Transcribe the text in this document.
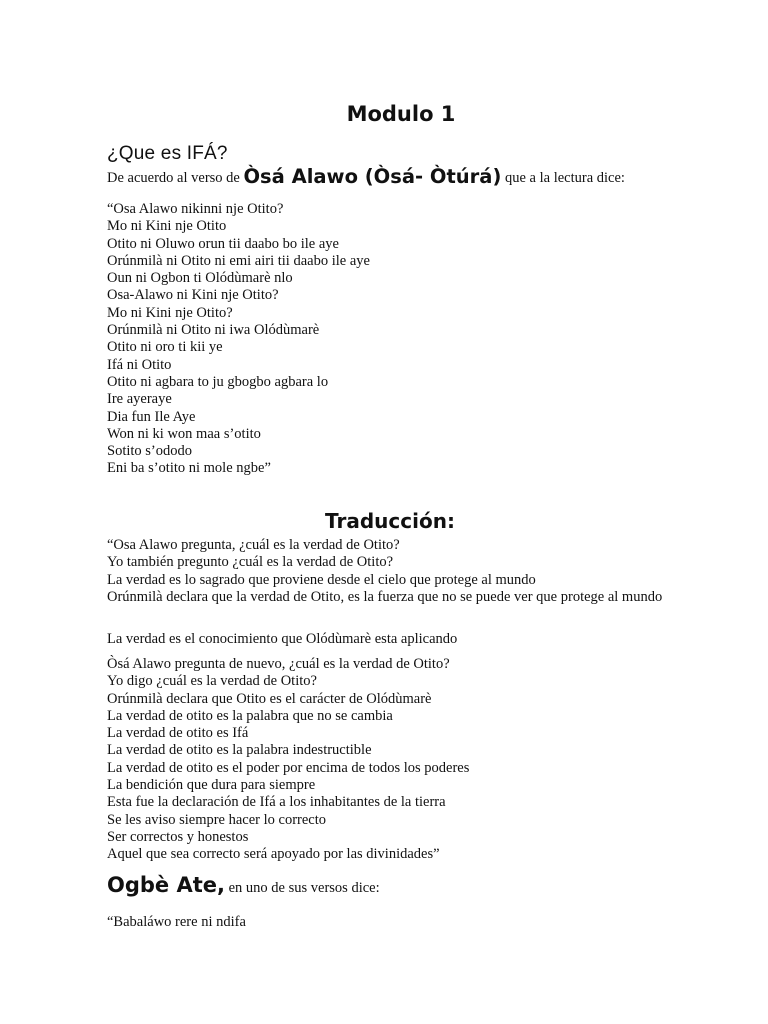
Modulo 1
¿Que es IFÁ?
De acuerdo al verso de Òsá Alawo (Òsá- Òtúrá) que a la lectura dice:
“Osa Alawo nikinni nje Otito?
Mo ni Kini nje Otito
Otito ni Oluwo orun tii daabo bo ile aye
Orúnmilà ni Otito ni emi airi tii daabo ile aye
Oun ni Ogbon ti Olódùmarè nlo
Osa-Alawo ni Kini nje Otito?
Mo ni Kini nje Otito?
Orúnmilà ni Otito ni iwa Olódùmarè
Otito ni oro ti kii ye
Ifá ni Otito
Otito ni agbara to ju gbogbo agbara lo
Ire ayeraye
Dia fun Ile Aye
Won ni ki won maa s’otito
Sotito s’ododo
Eni ba s’otito ni mole ngbe”
Traducción:
“Osa Alawo pregunta, ¿cuál es la verdad de Otito?
Yo también pregunto ¿cuál es la verdad de Otito?
La verdad es lo sagrado que proviene desde el cielo que protege al mundo
Orúnmilà declara que la verdad de Otito, es la fuerza que no se puede ver que protege al mundo
La verdad es el conocimiento que Olódùmarè esta aplicando
Òsá Alawo pregunta de nuevo, ¿cuál es la verdad de Otito?
Yo digo ¿cuál es la verdad de Otito?
Orúnmilà declara que Otito es el carácter de Olódùmarè
La verdad de otito es la palabra que no se cambia
La verdad de otito es Ifá
La verdad de otito es la palabra indestructible
La verdad de otito es el poder por encima de todos los poderes
La bendición que dura para siempre
Esta fue la declaración de Ifá a los inhabitantes de la tierra
Se les aviso siempre hacer lo correcto
Ser correctos y honestos
Aquel que sea correcto será apoyado por las divinidades”
Ogbè Ate, en uno de sus versos dice:
“Babaláwo rere ni ndifa
